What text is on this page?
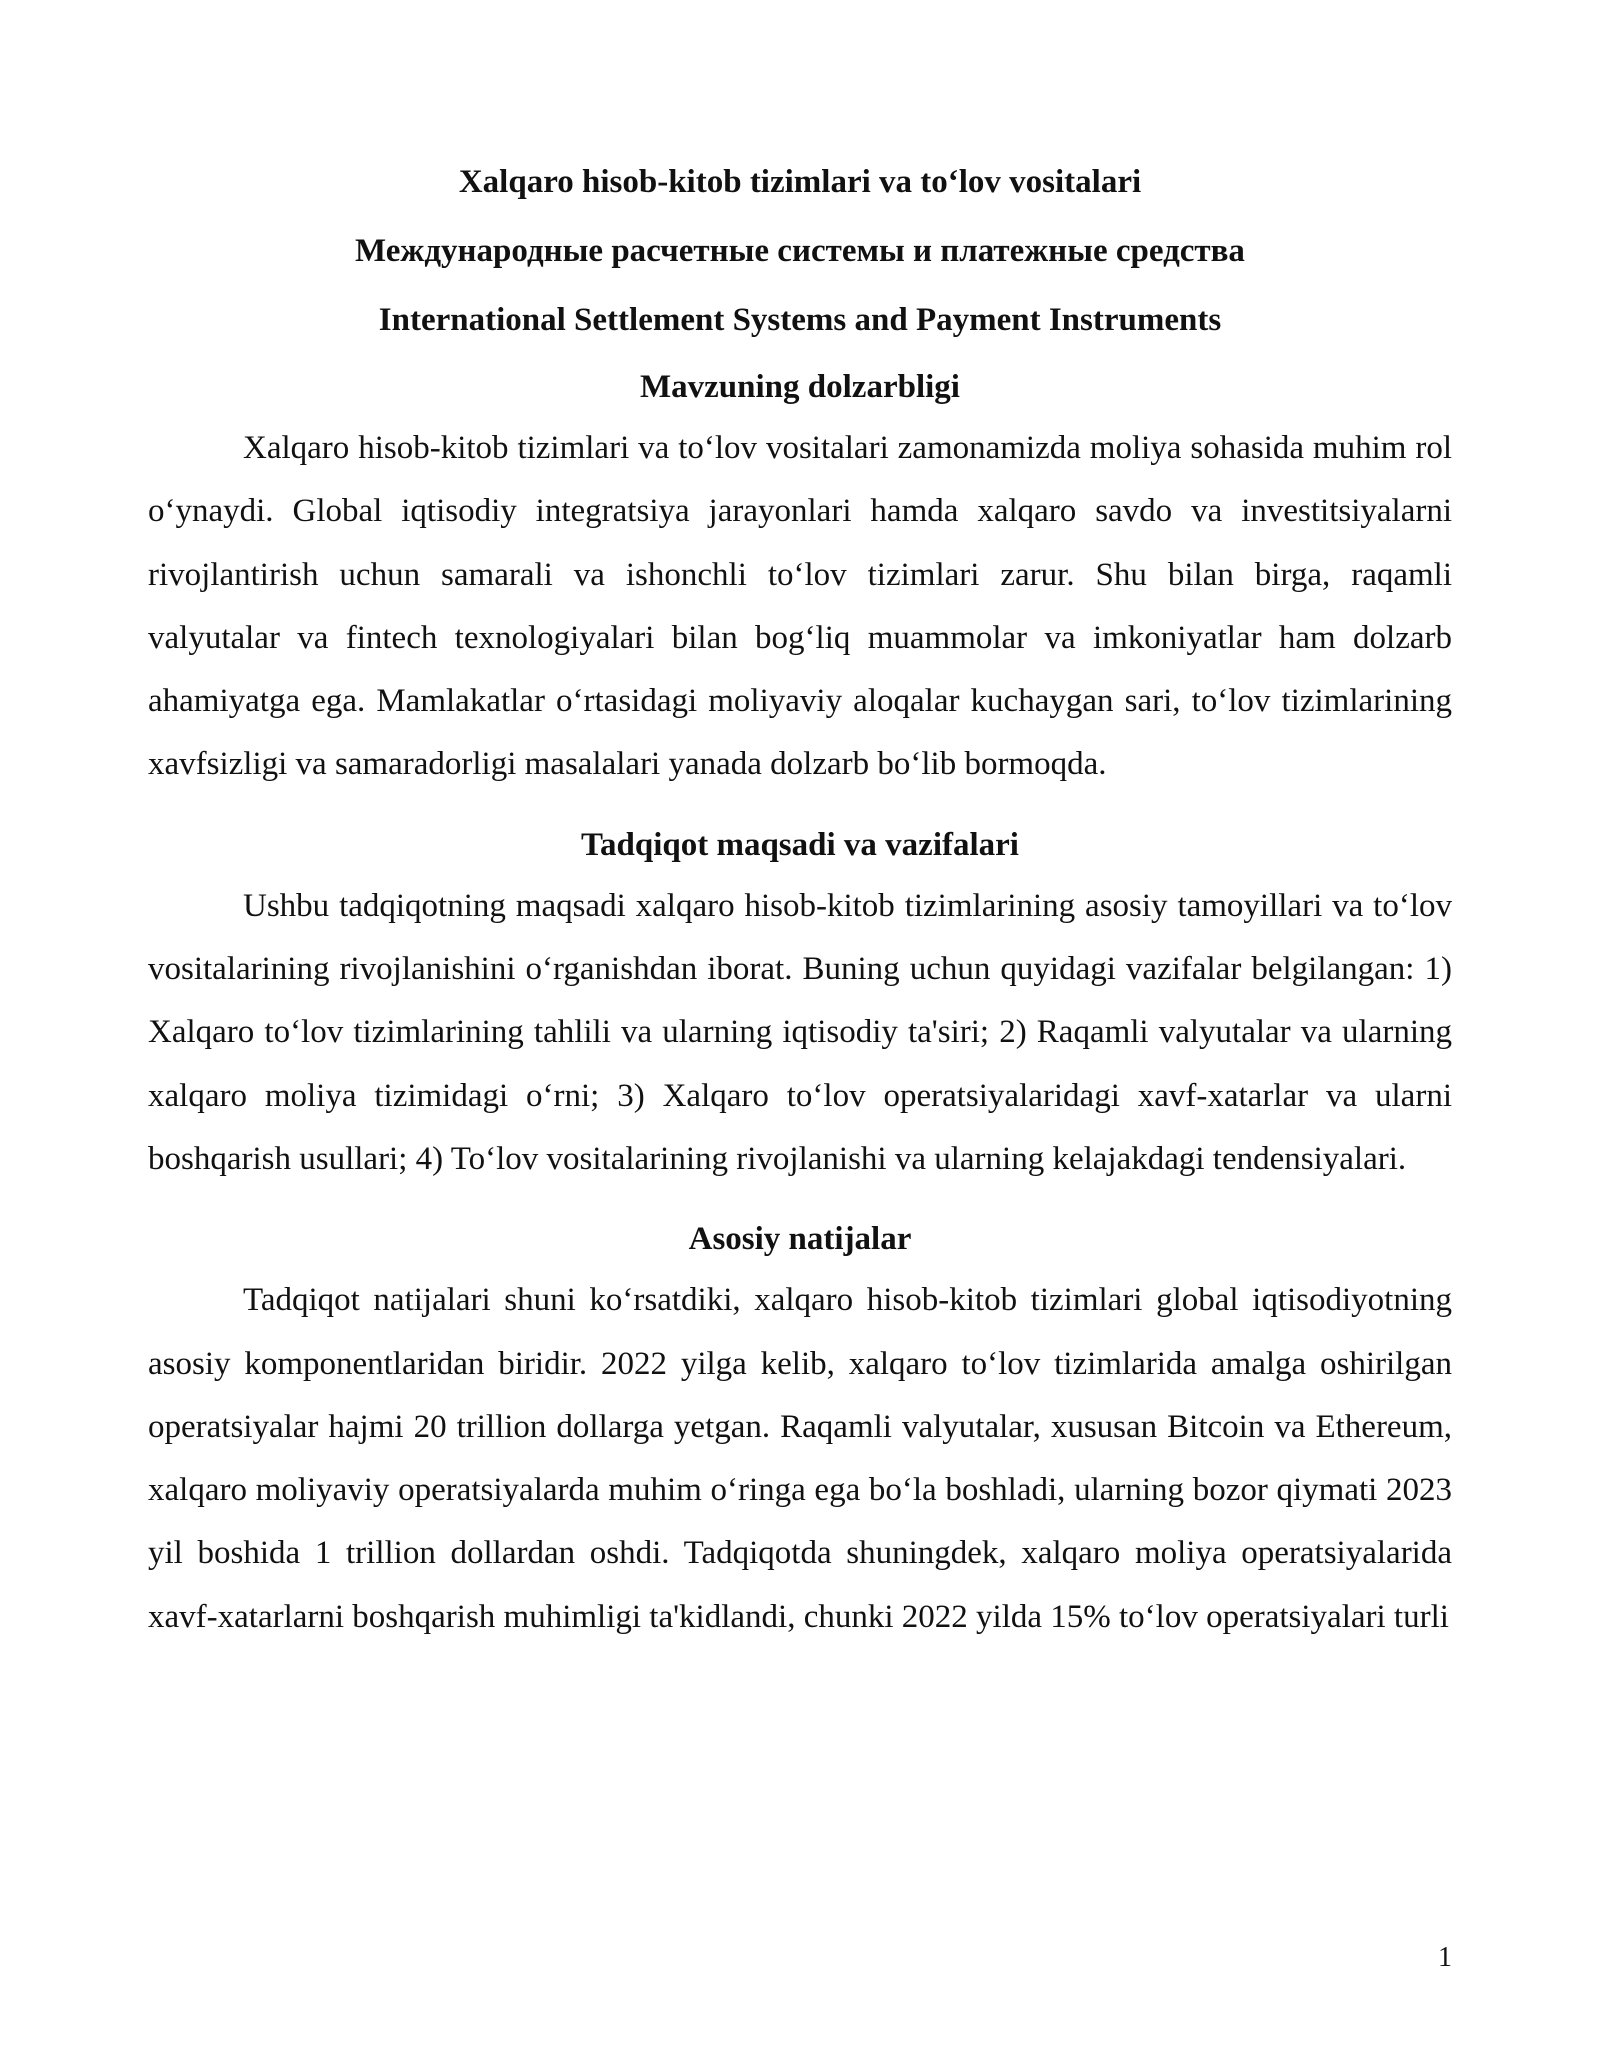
Xalqaro hisob-kitob tizimlari va to‘lov vositalari

Международные расчетные системы и платежные средства

International Settlement Systems and Payment Instruments

Mavzuning dolzarbligi

Xalqaro hisob-kitob tizimlari va to‘lov vositalari zamonamizda moliya sohasida muhim rol o‘ynaydi. Global iqtisodiy integratsiya jarayonlari hamda xalqaro savdo va investitsiyalarni rivojlantirish uchun samarali va ishonchli to‘lov tizimlari zarur. Shu bilan birga, raqamli valyutalar va fintech texnologiyalari bilan bog‘liq muammolar va imkoniyatlar ham dolzarb ahamiyatga ega. Mamlakatlar o‘rtasidagi moliyaviy aloqalar kuchaygan sari, to‘lov tizimlarining xavfsizligi va samaradorligi masalalari yanada dolzarb bo‘lib bormoqda.

Tadqiqot maqsadi va vazifalari

Ushbu tadqiqotning maqsadi xalqaro hisob-kitob tizimlarining asosiy tamoyillari va to‘lov vositalarining rivojlanishini o‘rganishdan iborat. Buning uchun quyidagi vazifalar belgilangan: 1) Xalqaro to‘lov tizimlarining tahlili va ularning iqtisodiy ta'siri; 2) Raqamli valyutalar va ularning xalqaro moliya tizimidagi o‘rni; 3) Xalqaro to‘lov operatsiyalaridagi xavf-xatarlar va ularni boshqarish usullari; 4) To‘lov vositalarining rivojlanishi va ularning kelajakdagi tendensiyalari.

Asosiy natijalar

Tadqiqot natijalari shuni ko‘rsatdiki, xalqaro hisob-kitob tizimlari global iqtisodiyotning asosiy komponentlaridan biridir. 2022 yilga kelib, xalqaro to‘lov tizimlarida amalga oshirilgan operatsiyalar hajmi 20 trillion dollarga yetgan. Raqamli valyutalar, xususan Bitcoin va Ethereum, xalqaro moliyaviy operatsiyalarda muhim o‘ringa ega bo‘la boshladi, ularning bozor qiymati 2023 yil boshida 1 trillion dollardan oshdi. Tadqiqotda shuningdek, xalqaro moliya operatsiyalarida xavf-xatarlarni boshqarish muhimligi ta'kidlandi, chunki 2022 yilda 15% to‘lov operatsiyalari turli

1
